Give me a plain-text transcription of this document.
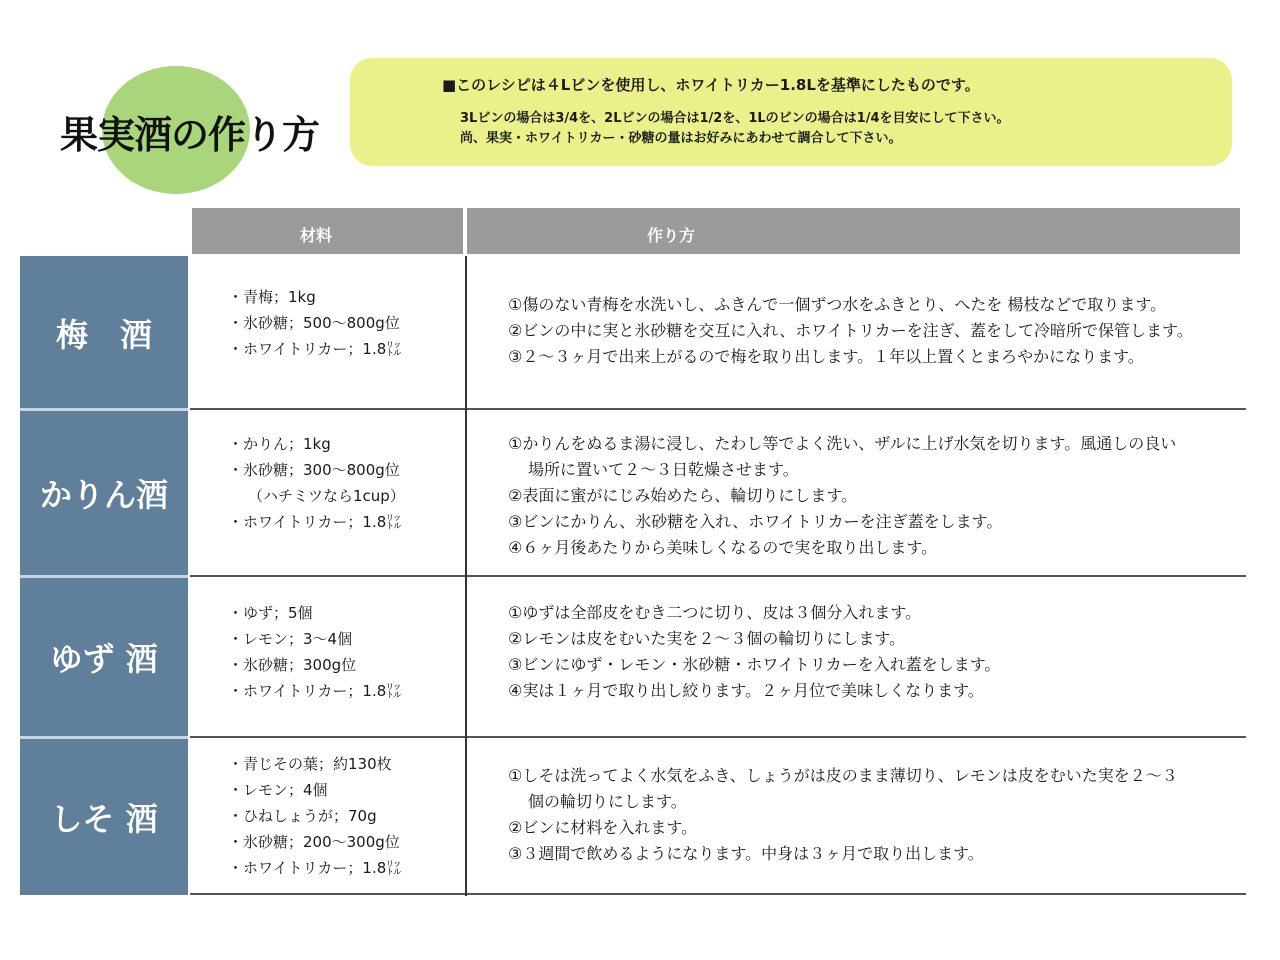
果実酒の作り方
■このレシピは４Lビンを使用し、ホワイトリカー1.8Lを基準にしたものです。
3Lビンの場合は3/4を、2Lビンの場合は1/2を、1Lのビンの場合は1/4を目安にして下さい。
尚、果実・ホワイトリカー・砂糖の量はお好みにあわせて調合して下さい。
材料	作り方
梅　酒
・青梅；1kg
・氷砂糖；500〜800g位
・ホワイトリカー；1.8㍑
①傷のない青梅を水洗いし、ふきんで一個ずつ水をふきとり、へたを 楊枝などで取ります。
②ビンの中に実と氷砂糖を交互に入れ、ホワイトリカーを注ぎ、蓋をして冷暗所で保管します。
③２〜３ヶ月で出来上がるので梅を取り出します。１年以上置くとまろやかになります。
かりん酒
・かりん；1kg
・氷砂糖；300〜800g位
（ハチミツなら1cup）
・ホワイトリカー；1.8㍑
①かりんをぬるま湯に浸し、たわし等でよく洗い、ザルに上げ水気を切ります。風通しの良い
場所に置いて２〜３日乾燥させます。
②表面に蜜がにじみ始めたら、輪切りにします。
③ビンにかりん、氷砂糖を入れ、ホワイトリカーを注ぎ蓋をします。
④６ヶ月後あたりから美味しくなるので実を取り出します。
ゆず 酒
・ゆず；5個
・レモン；3〜4個
・氷砂糖；300g位
・ホワイトリカー；1.8㍑
①ゆずは全部皮をむき二つに切り、皮は３個分入れます。
②レモンは皮をむいた実を２〜３個の輪切りにします。
③ビンにゆず・レモン・氷砂糖・ホワイトリカーを入れ蓋をします。
④実は１ヶ月で取り出し絞ります。２ヶ月位で美味しくなります。
しそ 酒
・青じその葉；約130枚
・レモン；4個
・ひねしょうが；70g
・氷砂糖；200〜300g位
・ホワイトリカー；1.8㍑
①しそは洗ってよく水気をふき、しょうがは皮のまま薄切り、レモンは皮をむいた実を２〜３
個の輪切りにします。
②ビンに材料を入れます。
③３週間で飲めるようになります。中身は３ヶ月で取り出します。
